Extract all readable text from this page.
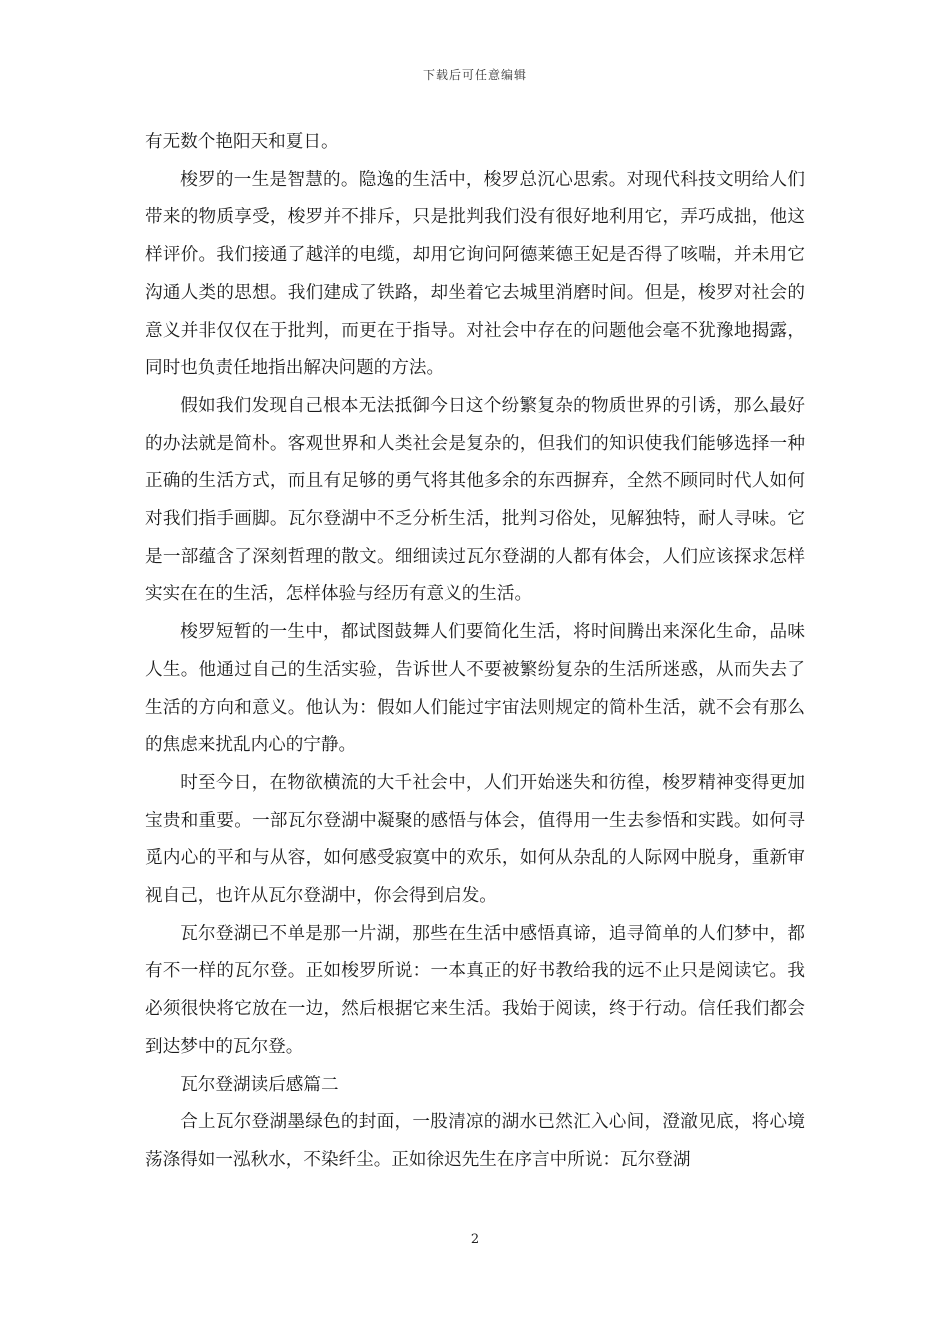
下载后可任意编辑

有无数个艳阳天和夏日。

梭罗的一生是智慧的。隐逸的生活中，梭罗总沉心思索。对现代科技文明给人们带来的物质享受，梭罗并不排斥，只是批判我们没有很好地利用它，弄巧成拙，他这样评价。我们接通了越洋的电缆，却用它询问阿德莱德王妃是否得了咳喘，并未用它沟通人类的思想。我们建成了铁路，却坐着它去城里消磨时间。但是，梭罗对社会的意义并非仅仅在于批判，而更在于指导。对社会中存在的问题他会毫不犹豫地揭露，同时也负责任地指出解决问题的方法。

假如我们发现自己根本无法抵御今日这个纷繁复杂的物质世界的引诱，那么最好的办法就是简朴。客观世界和人类社会是复杂的，但我们的知识使我们能够选择一种正确的生活方式，而且有足够的勇气将其他多余的东西摒弃，全然不顾同时代人如何对我们指手画脚。瓦尔登湖中不乏分析生活，批判习俗处，见解独特，耐人寻味。它是一部蕴含了深刻哲理的散文。细细读过瓦尔登湖的人都有体会，人们应该探求怎样实实在在的生活，怎样体验与经历有意义的生活。

梭罗短暂的一生中，都试图鼓舞人们要简化生活，将时间腾出来深化生命，品味人生。他通过自己的生活实验，告诉世人不要被繁纷复杂的生活所迷惑，从而失去了生活的方向和意义。他认为：假如人们能过宇宙法则规定的简朴生活，就不会有那么的焦虑来扰乱内心的宁静。

时至今日，在物欲横流的大千社会中，人们开始迷失和彷徨，梭罗精神变得更加宝贵和重要。一部瓦尔登湖中凝聚的感悟与体会，值得用一生去参悟和实践。如何寻觅内心的平和与从容，如何感受寂寞中的欢乐，如何从杂乱的人际网中脱身，重新审视自己，也许从瓦尔登湖中，你会得到启发。

瓦尔登湖已不单是那一片湖，那些在生活中感悟真谛，追寻简单的人们梦中，都有不一样的瓦尔登。正如梭罗所说：一本真正的好书教给我的远不止只是阅读它。我必须很快将它放在一边，然后根据它来生活。我始于阅读，终于行动。信任我们都会到达梦中的瓦尔登。

瓦尔登湖读后感篇二

合上瓦尔登湖墨绿色的封面，一股清凉的湖水已然汇入心间，澄澈见底，将心境荡涤得如一泓秋水，不染纤尘。正如徐迟先生在序言中所说：瓦尔登湖

2
